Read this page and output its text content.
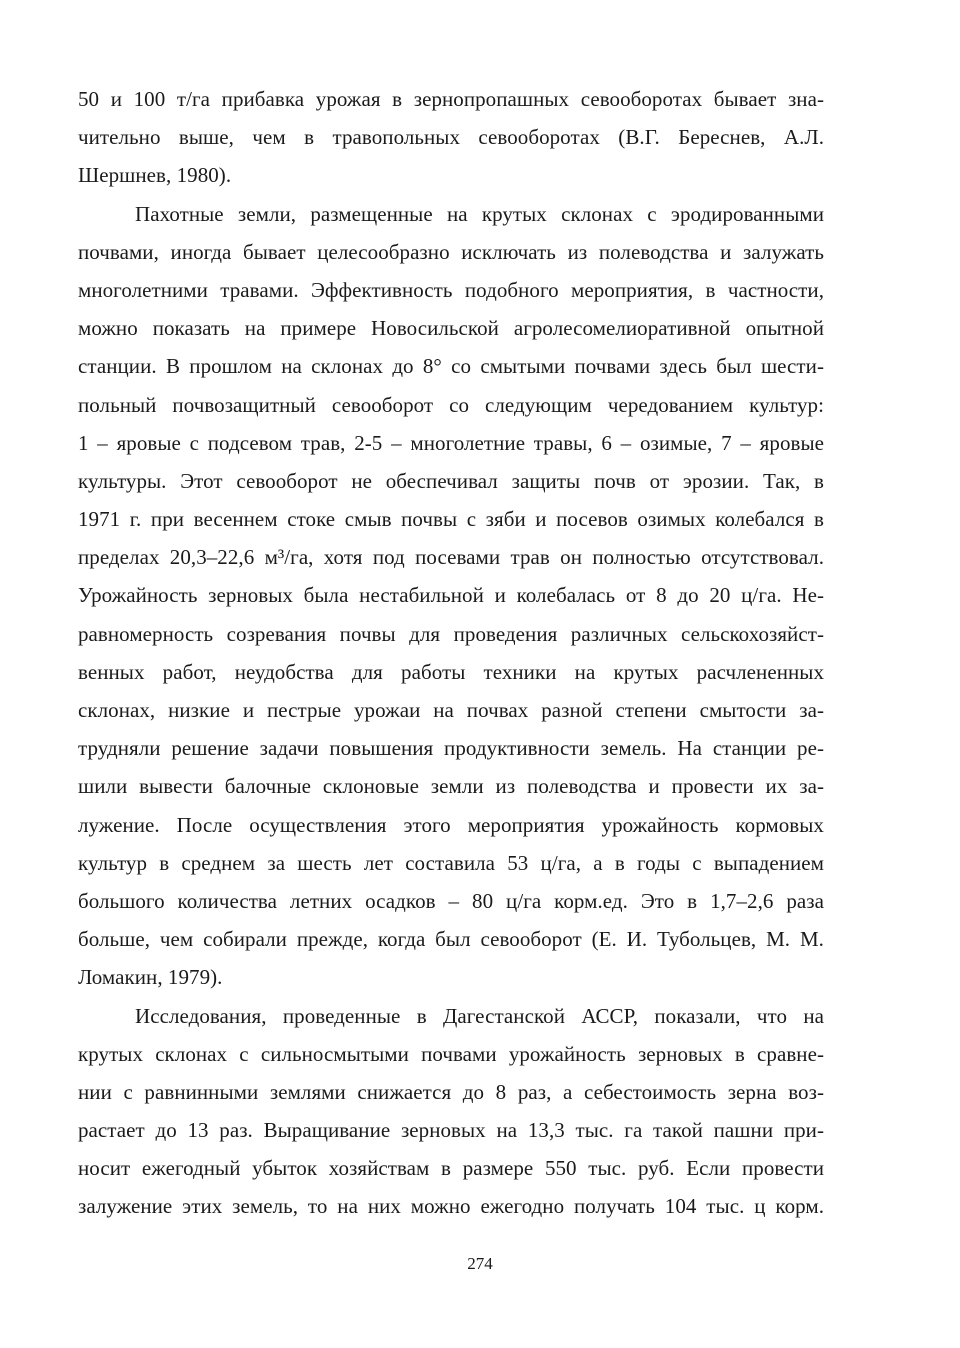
50 и 100 т/га прибавка урожая в зернопропашных севооборотах бывает зна-
чительно выше, чем в травопольных севооборотах (В.Г. Береснев, А.Л.
Шершнев, 1980).
Пахотные земли, размещенные на крутых склонах с эродированными
почвами, иногда бывает целесообразно исключать из полеводства и залужать
многолетними травами. Эффективность подобного мероприятия, в частности,
можно показать на примере Новосильской агролесомелиоративной опытной
станции. В прошлом на склонах до 8° со смытыми почвами здесь был шести-
польный почвозащитный севооборот со следующим чередованием культур:
1 – яровые с подсевом трав, 2-5 – многолетние травы, 6 – озимые, 7 – яровые
культуры. Этот севооборот не обеспечивал защиты почв от эрозии. Так, в
1971 г. при весеннем стоке смыв почвы с зяби и посевов озимых колебался в
пределах 20,3–22,6 м³/га, хотя под посевами трав он полностью отсутствовал.
Урожайность зерновых была нестабильной и колебалась от 8 до 20 ц/га. Не-
равномерность созревания почвы для проведения различных сельскохозяйст-
венных работ, неудобства для работы техники на крутых расчлененных
склонах, низкие и пестрые урожаи на почвах разной степени смытости за-
трудняли решение задачи повышения продуктивности земель. На станции ре-
шили вывести балочные склоновые земли из полеводства и провести их за-
лужение. После осуществления этого мероприятия урожайность кормовых
культур в среднем за шесть лет составила 53 ц/га, а в годы с выпадением
большого количества летних осадков – 80 ц/га корм.ед. Это в 1,7–2,6 раза
больше, чем собирали прежде, когда был севооборот (Е. И. Тубольцев, М. М.
Ломакин, 1979).
Исследования, проведенные в Дагестанской АССР, показали, что на
крутых склонах с сильносмытыми почвами урожайность зерновых в сравне-
нии с равнинными землями снижается до 8 раз, а себестоимость зерна воз-
растает до 13 раз. Выращивание зерновых на 13,3 тыс. га такой пашни при-
носит ежегодный убыток хозяйствам в размере 550 тыс. руб. Если провести
залужение этих земель, то на них можно ежегодно получать 104 тыс. ц корм.
274
